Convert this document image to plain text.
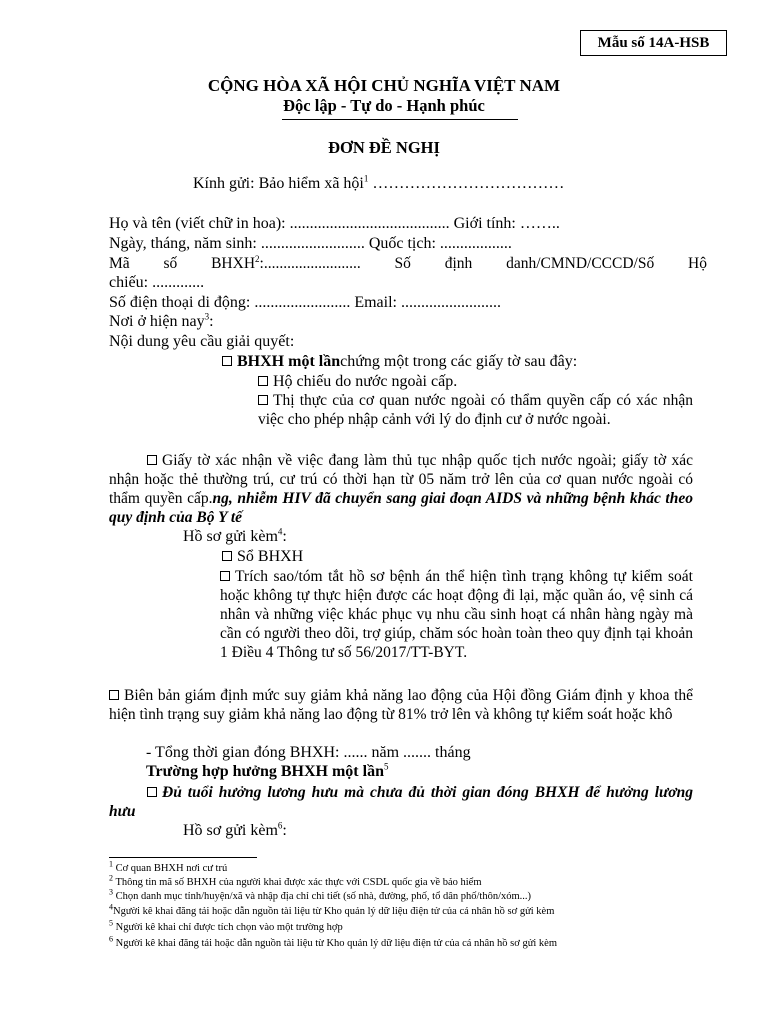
Mẫu số 14A-HSB
CỘNG HÒA XÃ HỘI CHỦ NGHĨA VIỆT NAM
Độc lập - Tự do - Hạnh phúc
ĐƠN ĐỀ NGHỊ
Kính gửi: Bảo hiểm xã hội$^1$ ………………………………
Họ và tên (viết chữ in hoa): ........................................ Giới tính: ……..
Ngày, tháng, năm sinh: .......................... Quốc tịch: ..................
Mã số BHXH$^2$:......................... Số định danh/CMND/CCCD/Số Hộ
chiếu: .............
Số điện thoại di động: ........................ Email: .........................
Nơi ở hiện nay$^3$:
Nội dung yêu cầu giải quyết:
BHXH một lầnchứng một trong các giấy tờ sau đây:
Hộ chiếu do nước ngoài cấp.
Thị thực của cơ quan nước ngoài có thẩm quyền cấp có xác nhận việc cho phép nhập cảnh với lý do định cư ở nước ngoài.
Giấy tờ xác nhận về việc đang làm thủ tục nhập quốc tịch nước ngoài; giấy tờ xác nhận hoặc thẻ thường trú, cư trú có thời hạn từ 05 năm trở lên của cơ quan nước ngoài có thẩm quyền cấp.ng, nhiễm HIV đã chuyển sang giai đoạn AIDS và những bệnh khác theo quy định của Bộ Y tế
Hồ sơ gửi kèm$^4$:
Sổ BHXH
Trích sao/tóm tắt hồ sơ bệnh án thể hiện tình trạng không tự kiểm soát hoặc không tự thực hiện được các hoạt động đi lại, mặc quần áo, vệ sinh cá nhân và những việc khác phục vụ nhu cầu sinh hoạt cá nhân hàng ngày mà cần có người theo dõi, trợ giúp, chăm sóc hoàn toàn theo quy định tại khoản 1 Điều 4 Thông tư số 56/2017/TT-BYT.
Biên bản giám định mức suy giảm khả năng lao động của Hội đồng Giám định y khoa thể hiện tình trạng suy giảm khả năng lao động từ 81% trở lên và không tự kiểm soát hoặc khô
- Tổng thời gian đóng BHXH: ...... năm ....... tháng
Trường hợp hưởng BHXH một lần$^5$
Đủ tuổi hưởng lương hưu mà chưa đủ thời gian đóng BHXH để hưởng lương hưu
Hồ sơ gửi kèm$^6$:
$^1$ Cơ quan BHXH nơi cư trú
$^2$ Thông tin mã số BHXH của người khai được xác thực với CSDL quốc gia về bảo hiểm
$^3$ Chọn danh mục tỉnh/huyện/xã và nhập địa chỉ chi tiết (số nhà, đường, phố, tổ dân phố/thôn/xóm...)
$^4$Người kê khai đăng tải hoặc dẫn nguồn tài liệu từ Kho quản lý dữ liệu điện tử của cá nhân hồ sơ gửi kèm
$^5$ Người kê khai chỉ được tích chọn vào một trường hợp
$^6$ Người kê khai đăng tải hoặc dẫn nguồn tài liệu từ Kho quản lý dữ liệu điện tử của cá nhân hồ sơ gửi kèm
